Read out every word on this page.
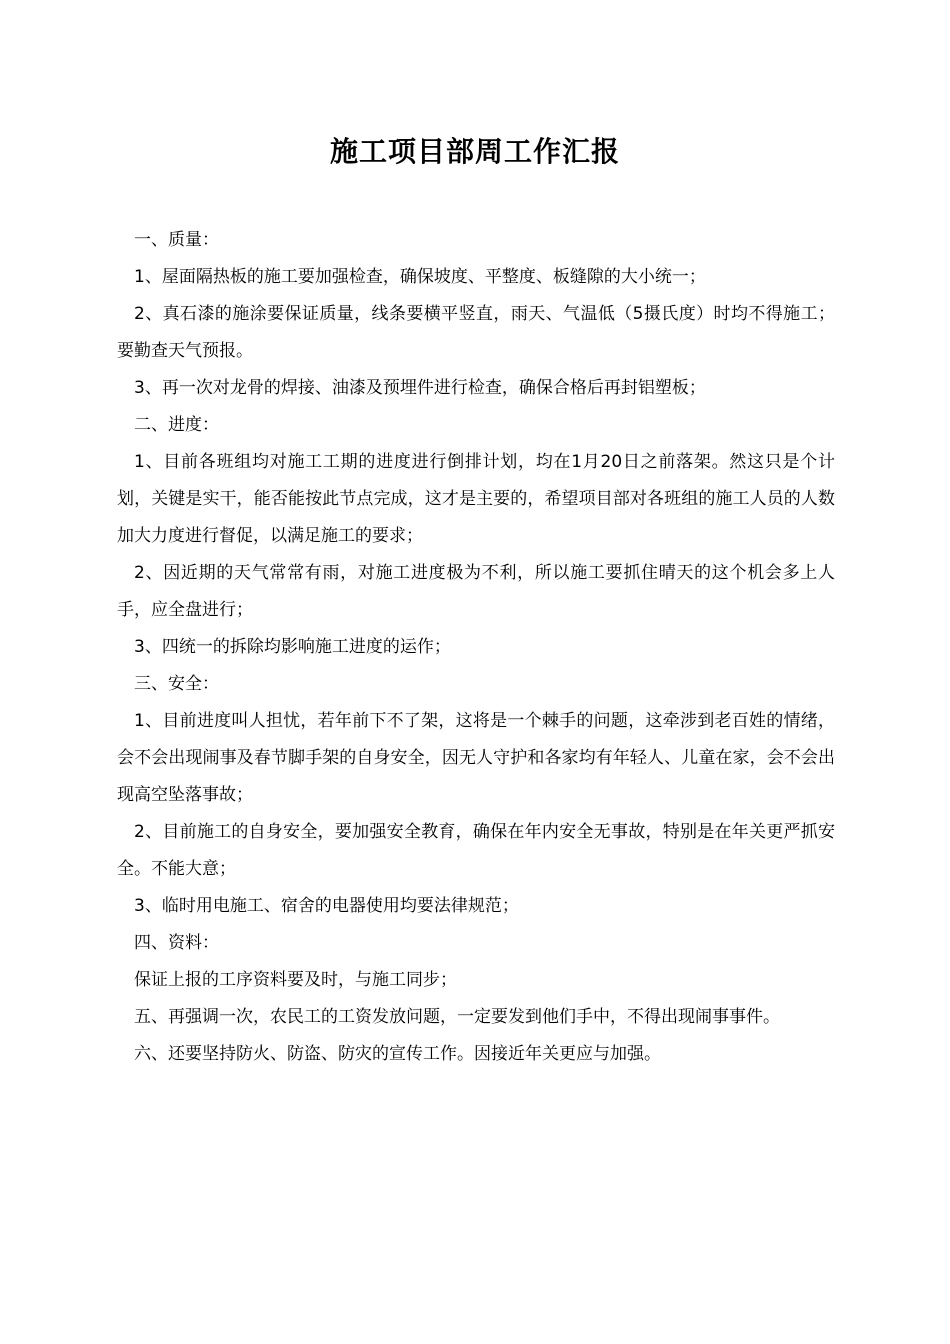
施工项目部周工作汇报

一、质量：

1、屋面隔热板的施工要加强检查，确保坡度、平整度、板缝隙的大小统一；

2、真石漆的施涂要保证质量，线条要横平竖直，雨天、气温低（5摄氏度）时均不得施工；要勤查天气预报。

3、再一次对龙骨的焊接、油漆及预埋件进行检查，确保合格后再封铝塑板；

二、进度：

1、目前各班组均对施工工期的进度进行倒排计划，均在1月20日之前落架。然这只是个计划，关键是实干，能否能按此节点完成，这才是主要的，希望项目部对各班组的施工人员的人数加大力度进行督促，以满足施工的要求；

2、因近期的天气常常有雨，对施工进度极为不利，所以施工要抓住晴天的这个机会多上人手，应全盘进行；

3、四统一的拆除均影响施工进度的运作；

三、安全：

1、目前进度叫人担忧，若年前下不了架，这将是一个棘手的问题，这牵涉到老百姓的情绪，会不会出现闹事及春节脚手架的自身安全，因无人守护和各家均有年轻人、儿童在家，会不会出现高空坠落事故；

2、目前施工的自身安全，要加强安全教育，确保在年内安全无事故，特别是在年关更严抓安全。不能大意；

3、临时用电施工、宿舍的电器使用均要法律规范；

四、资料：

保证上报的工序资料要及时，与施工同步；

五、再强调一次，农民工的工资发放问题，一定要发到他们手中，不得出现闹事事件。

六、还要坚持防火、防盗、防灾的宣传工作。因接近年关更应与加强。
